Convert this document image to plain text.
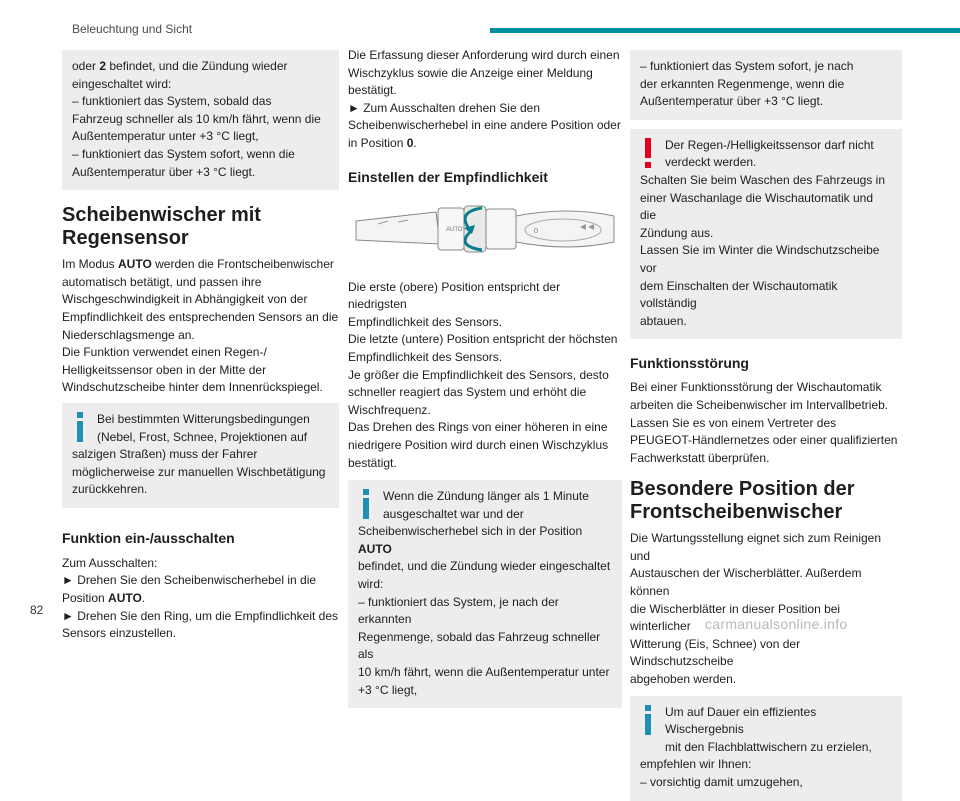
Beleuchtung und Sicht
oder 2 befindet, und die Zündung wieder
eingeschaltet wird:
– funktioniert das System, sobald das
Fahrzeug schneller als 10 km/h fährt, wenn die
Außentemperatur unter +3 °C liegt,
– funktioniert das System sofort, wenn die
Außentemperatur über +3 °C liegt.
Scheibenwischer mit
Regensensor
Im Modus AUTO werden die Frontscheibenwischer
automatisch betätigt, und passen ihre
Wischgeschwindigkeit in Abhängigkeit von der
Empfindlichkeit des entsprechenden Sensors an die
Niederschlagsmenge an.
Die Funktion verwendet einen Regen-/
Helligkeitssensor oben in der Mitte der
Windschutzscheibe hinter dem Innenrückspiegel.
Bei bestimmten Witterungsbedingungen
(Nebel, Frost, Schnee, Projektionen auf
salzigen Straßen) muss der Fahrer
möglicherweise zur manuellen Wischbetätigung
zurückkehren.
Funktion ein-/ausschalten
Zum Ausschalten:
► Drehen Sie den Scheibenwischerhebel in die
Position AUTO.
► Drehen Sie den Ring, um die Empfindlichkeit des
Sensors einzustellen.
Die Erfassung dieser Anforderung wird durch einen
Wischzyklus sowie die Anzeige einer Meldung
bestätigt.
► Zum Ausschalten drehen Sie den
Scheibenwischerhebel in eine andere Position oder
in Position 0.
Einstellen der Empfindlichkeit
AUTO	0
Die erste (obere) Position entspricht der niedrigsten
Empfindlichkeit des Sensors.
Die letzte (untere) Position entspricht der höchsten
Empfindlichkeit des Sensors.
Je größer die Empfindlichkeit des Sensors, desto
schneller reagiert das System und erhöht die
Wischfrequenz.
Das Drehen des Rings von einer höheren in eine
niedrigere Position wird durch einen Wischzyklus
bestätigt.
Wenn die Zündung länger als 1 Minute
ausgeschaltet war und der
Scheibenwischerhebel sich in der Position AUTO
befindet, und die Zündung wieder eingeschaltet
wird:
– funktioniert das System, je nach der erkannten
Regenmenge, sobald das Fahrzeug schneller als
10 km/h fährt, wenn die Außentemperatur unter
+3 °C liegt,
– funktioniert das System sofort, je nach
der erkannten Regenmenge, wenn die
Außentemperatur über +3 °C liegt.
Der Regen-/Helligkeitssensor darf nicht
verdeckt werden.
Schalten Sie beim Waschen des Fahrzeugs in
einer Waschanlage die Wischautomatik und die
Zündung aus.
Lassen Sie im Winter die Windschutzscheibe vor
dem Einschalten der Wischautomatik vollständig
abtauen.
Funktionsstörung
Bei einer Funktionsstörung der Wischautomatik
arbeiten die Scheibenwischer im Intervallbetrieb.
Lassen Sie es von einem Vertreter des
PEUGEOT-Händlernetzes oder einer qualifizierten
Fachwerkstatt überprüfen.
Besondere Position der
Frontscheibenwischer
Die Wartungsstellung eignet sich zum Reinigen und
Austauschen der Wischerblätter. Außerdem können
die Wischerblätter in dieser Position bei winterlicher
Witterung (Eis, Schnee) von der Windschutzscheibe
abgehoben werden.
Um auf Dauer ein effizientes Wischergebnis
mit den Flachblattwischern zu erzielen,
empfehlen wir Ihnen:
– vorsichtig damit umzugehen,
82
carmanualsonline.info
